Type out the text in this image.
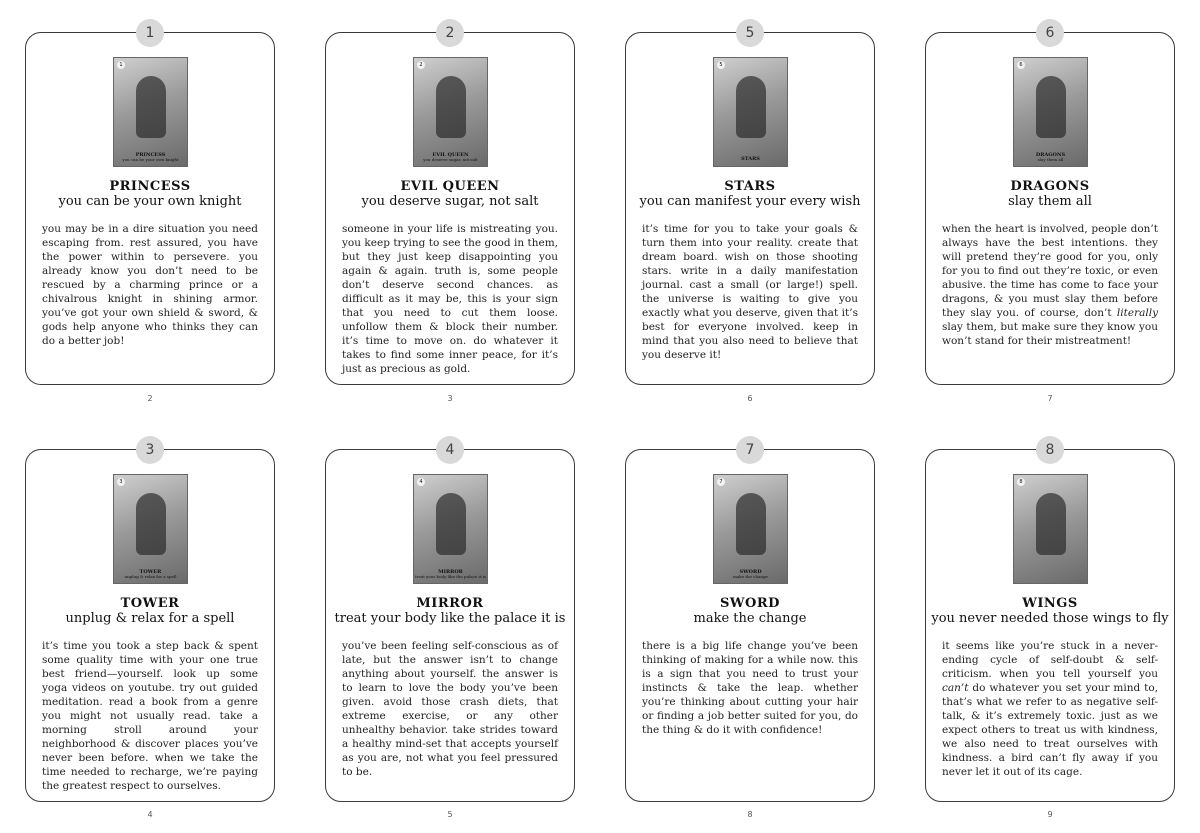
1
1
PRINCESS
you can be your own knight
PRINCESS
you can be your own knight
you may be in a dire situation you need escaping from. rest assured, you have the power within to persevere. you already know you don’t need to be rescued by a charming prince or a chivalrous knight in shining armor. you’ve got your own shield & sword, & gods help anyone who thinks they can do a better job!
2
2
EVIL QUEEN
you deserve sugar, not salt
EVIL QUEEN
you deserve sugar, not salt
someone in your life is mistreating you. you keep trying to see the good in them, but they just keep disappointing you again & again. truth is, some people don’t deserve second chances. as difficult as it may be, this is your sign that you need to cut them loose. unfollow them & block their number. it’s time to move on. do whatever it takes to find some inner peace, for it’s just as precious as gold.
5
5
STARS
STARS
you can manifest your every wish
it’s time for you to take your goals & turn them into your reality. create that dream board. wish on those shooting stars. write in a daily manifestation journal. cast a small (or large!) spell. the universe is waiting to give you exactly what you deserve, given that it’s best for everyone involved. keep in mind that you also need to believe that you deserve it!
6
6
DRAGONS
slay them all
DRAGONS
slay them all
when the heart is involved, people don’t always have the best intentions. they will pretend they’re good for you, only for you to find out they’re toxic, or even abusive. the time has come to face your dragons, & you must slay them before they slay you. of course, don’t literally slay them, but make sure they know you won’t stand for their mistreatment!
3
3
TOWER
unplug & relax for a spell
TOWER
unplug & relax for a spell
it’s time you took a step back & spent some quality time with your one true best friend—yourself. look up some yoga videos on youtube. try out guided meditation. read a book from a genre you might not usually read. take a morning stroll around your neighborhood & discover places you’ve never been before. when we take the time needed to recharge, we’re paying the greatest respect to ourselves.
4
4
MIRROR
treat your body like the palace it is
MIRROR
treat your body like the palace it is
you’ve been feeling self-conscious as of late, but the answer isn’t to change anything about yourself. the answer is to learn to love the body you’ve been given. avoid those crash diets, that extreme exercise, or any other unhealthy behavior. take strides toward a healthy mind-set that accepts yourself as you are, not what you feel pressured to be.
7
7
SWORD
make the change
SWORD
make the change
there is a big life change you’ve been thinking of making for a while now. this is a sign that you need to trust your instincts & take the leap. whether you’re thinking about cutting your hair or finding a job better suited for you, do the thing & do it with confidence!
8
8
WINGS
you never needed those wings to fly
it seems like you’re stuck in a never-ending cycle of self-doubt & self-criticism. when you tell yourself you can’t do whatever you set your mind to, that’s what we refer to as negative self-talk, & it’s extremely toxic. just as we expect others to treat us with kindness, we also need to treat ourselves with kindness. a bird can’t fly away if you never let it out of its cage.
2	3	6	7
4	5	8	9
